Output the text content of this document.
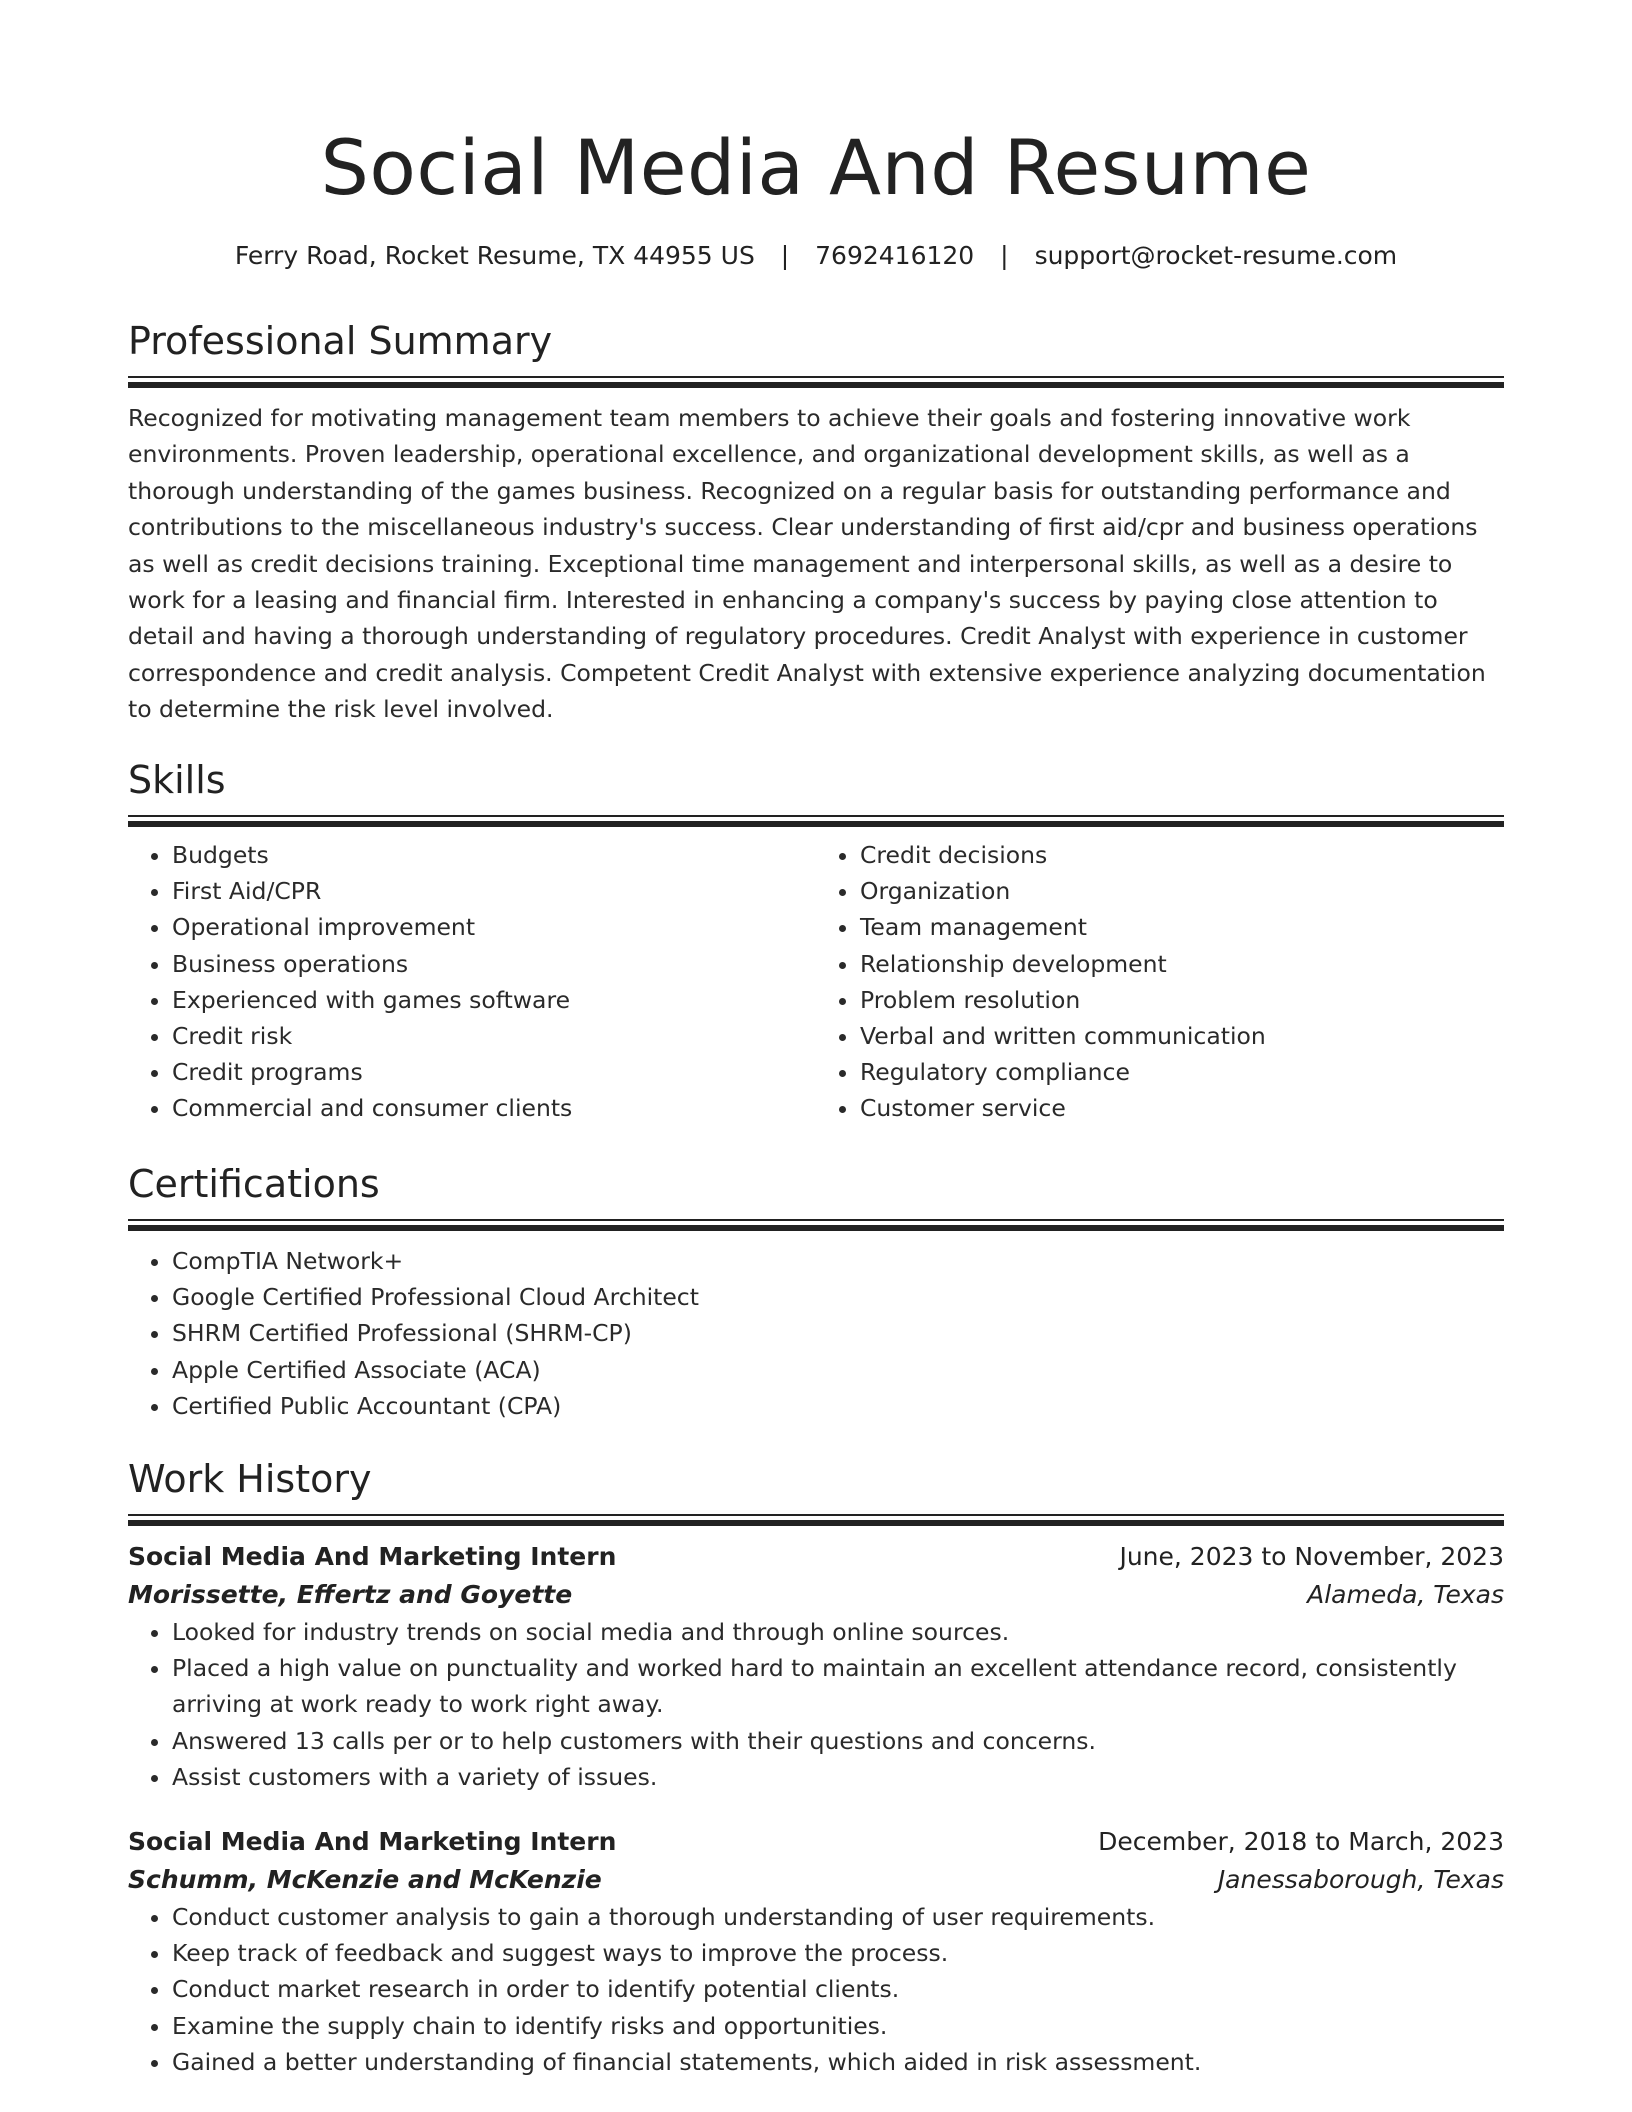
Social Media And Resume
Ferry Road, Rocket Resume, TX 44955 US | 7692416120 | support@rocket-resume.com
Professional Summary

Recognized for motivating management team members to achieve their goals and fostering innovative work environments. Proven leadership, operational excellence, and organizational development skills, as well as a thorough understanding of the games business. Recognized on a regular basis for outstanding performance and contributions to the miscellaneous industry's success. Clear understanding of first aid/cpr and business operations as well as credit decisions training. Exceptional time management and interpersonal skills, as well as a desire to work for a leasing and financial firm. Interested in enhancing a company's success by paying close attention to detail and having a thorough understanding of regulatory procedures. Credit Analyst with experience in customer correspondence and credit analysis. Competent Credit Analyst with extensive experience analyzing documentation to determine the risk level involved.

Skills
• Budgets
• First Aid/CPR
• Operational improvement
• Business operations
• Experienced with games software
• Credit risk
• Credit programs
• Commercial and consumer clients
• Credit decisions
• Organization
• Team management
• Relationship development
• Problem resolution
• Verbal and written communication
• Regulatory compliance
• Customer service
Certifications
• CompTIA Network+
• Google Certified Professional Cloud Architect
• SHRM Certified Professional (SHRM-CP)
• Apple Certified Associate (ACA)
• Certified Public Accountant (CPA)
Work History
Social Media And Marketing Intern	June, 2023 to November, 2023
Morissette, Effertz and Goyette	Alameda, Texas
• Looked for industry trends on social media and through online sources.
• Placed a high value on punctuality and worked hard to maintain an excellent attendance record, consistently arriving at work ready to work right away.
• Answered 13 calls per or to help customers with their questions and concerns.
• Assist customers with a variety of issues.
Social Media And Marketing Intern	December, 2018 to March, 2023
Schumm, McKenzie and McKenzie	Janessaborough, Texas
• Conduct customer analysis to gain a thorough understanding of user requirements.
• Keep track of feedback and suggest ways to improve the process.
• Conduct market research in order to identify potential clients.
• Examine the supply chain to identify risks and opportunities.
• Gained a better understanding of financial statements, which aided in risk assessment.
